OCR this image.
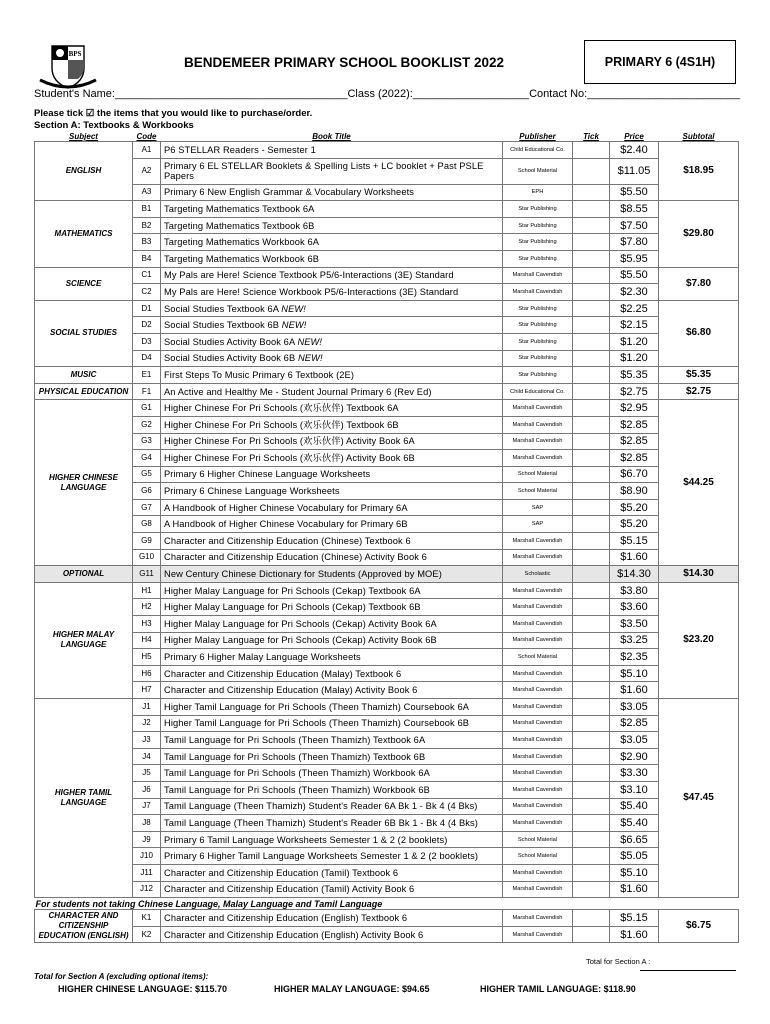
BPS
BENDEMEER PRIMARY SCHOOL BOOKLIST 2022	PRIMARY 6 (4S1H)
Student's Name:______________________________________ Class (2022):___________________ Contact No:_________________________
Please tick ☑ the items that you would like to purchase/order.
Section A: Textbooks & Workbooks
Subject	Code	Book Title	Publisher	Tick	Price	Subtotal
ENGLISH	A1	P6 STELLAR Readers - Semester 1	Child Educational Co.		$2.40	$18.95
	A2	Primary 6 EL STELLAR Booklets & Spelling Lists + LC booklet + Past PSLE Papers	School Material		$11.05	
	A3	Primary 6 New English Grammar & Vocabulary Worksheets	EPH		$5.50	
MATHEMATICS	B1	Targeting Mathematics Textbook 6A	Star Publishing		$8.55	$29.80
	B2	Targeting Mathematics Textbook 6B	Star Publishing		$7.50	
	B3	Targeting Mathematics Workbook 6A	Star Publishing		$7.80	
	B4	Targeting Mathematics Workbook 6B	Star Publishing		$5.95	
SCIENCE	C1	My Pals are Here! Science Textbook P5/6-Interactions (3E) Standard	Marshall Cavendish		$5.50	$7.80
	C2	My Pals are Here! Science Workbook P5/6-Interactions (3E) Standard	Marshall Cavendish		$2.30	
SOCIAL STUDIES	D1	Social Studies Textbook 6A NEW!	Star Publishing		$2.25	$6.80
	D2	Social Studies Textbook 6B NEW!	Star Publishing		$2.15	
	D3	Social Studies Activity Book 6A NEW!	Star Publishing		$1.20	
	D4	Social Studies Activity Book 6B NEW!	Star Publishing		$1.20	
MUSIC	E1	First Steps To Music Primary 6 Textbook (2E)	Star Publishing		$5.35	$5.35
PHYSICAL EDUCATION	F1	An Active and Healthy Me - Student Journal Primary 6 (Rev Ed)	Child Educational Co.		$2.75	$2.75
HIGHER CHINESE LANGUAGE	G1	Higher Chinese For Pri Schools (欢乐伙伴) Textbook 6A	Marshall Cavendish		$2.95	$44.25
	G2	Higher Chinese For Pri Schools (欢乐伙伴) Textbook 6B	Marshall Cavendish		$2.85	
	G3	Higher Chinese For Pri Schools (欢乐伙伴) Activity Book 6A	Marshall Cavendish		$2.85	
	G4	Higher Chinese For Pri Schools (欢乐伙伴) Activity Book 6B	Marshall Cavendish		$2.85	
	G5	Primary 6 Higher Chinese Language Worksheets	School Material		$6.70	
	G6	Primary 6 Chinese Language Worksheets	School Material		$8.90	
	G7	A Handbook of Higher Chinese Vocabulary for Primary 6A	SAP		$5.20	
	G8	A Handbook of Higher Chinese Vocabulary for Primary 6B	SAP		$5.20	
	G9	Character and Citizenship Education (Chinese) Textbook 6	Marshall Cavendish		$5.15	
	G10	Character and Citizenship Education (Chinese) Activity Book 6	Marshall Cavendish		$1.60	
OPTIONAL	G11	New Century Chinese Dictionary for Students (Approved by MOE)	Scholastic		$14.30	$14.30
HIGHER MALAY LANGUAGE	H1	Higher Malay Language for Pri Schools (Cekap) Textbook 6A	Marshall Cavendish		$3.80	$23.20
	H2	Higher Malay Language for Pri Schools (Cekap) Textbook 6B	Marshall Cavendish		$3.60	
	H3	Higher Malay Language for Pri Schools (Cekap) Activity Book 6A	Marshall Cavendish		$3.50	
	H4	Higher Malay Language for Pri Schools (Cekap) Activity Book 6B	Marshall Cavendish		$3.25	
	H5	Primary 6 Higher Malay Language Worksheets	School Material		$2.35	
	H6	Character and Citizenship Education (Malay) Textbook 6	Marshall Cavendish		$5.10	
	H7	Character and Citizenship Education (Malay) Activity Book 6	Marshall Cavendish		$1.60	
HIGHER TAMIL LANGUAGE	J1	Higher Tamil Language for Pri Schools (Theen Thamizh) Coursebook 6A	Marshall Cavendish		$3.05	$47.45
	J2	Higher Tamil Language for Pri Schools (Theen Thamizh) Coursebook 6B	Marshall Cavendish		$2.85	
	J3	Tamil Language for Pri Schools (Theen Thamizh) Textbook 6A	Marshall Cavendish		$3.05	
	J4	Tamil Language for Pri Schools (Theen Thamizh) Textbook 6B	Marshall Cavendish		$2.90	
	J5	Tamil Language for Pri Schools (Theen Thamizh) Workbook 6A	Marshall Cavendish		$3.30	
	J6	Tamil Language for Pri Schools (Theen Thamizh) Workbook 6B	Marshall Cavendish		$3.10	
	J7	Tamil Language (Theen Thamizh) Student's Reader 6A Bk 1 - Bk 4 (4 Bks)	Marshall Cavendish		$5.40	
	J8	Tamil Language (Theen Thamizh) Student's Reader 6B Bk 1 - Bk 4 (4 Bks)	Marshall Cavendish		$5.40	
	J9	Primary 6 Tamil Language Worksheets Semester 1 & 2 (2 booklets)	School Material		$6.65	
	J10	Primary 6 Higher Tamil Language Worksheets Semester 1 & 2 (2 booklets)	School Material		$5.05	
	J11	Character and Citizenship Education (Tamil) Textbook 6	Marshall Cavendish		$5.10	
	J12	Character and Citizenship Education (Tamil) Activity Book 6	Marshall Cavendish		$1.60	
For students not taking Chinese Language, Malay Language and Tamil Language						
CHARACTER AND CITIZENSHIP EDUCATION (ENGLISH)	K1	Character and Citizenship Education (English) Textbook 6	Marshall Cavendish		$5.15	$6.75
	K2	Character and Citizenship Education (English) Activity Book 6	Marshall Cavendish		$1.60	
Total for Section A :
Total for Section A (excluding optional items):
HIGHER CHINESE LANGUAGE: $115.70	HIGHER MALAY LANGUAGE: $94.65	HIGHER TAMIL LANGUAGE: $118.90
